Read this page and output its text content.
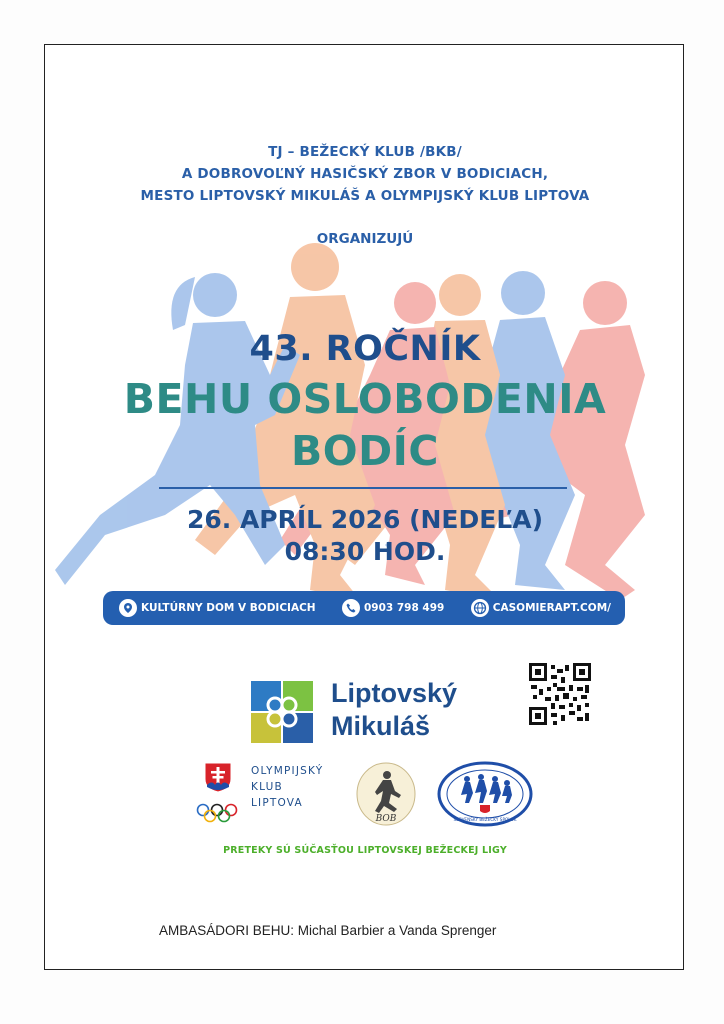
TJ – BEŽECKÝ KLUB /BKB/
A DOBROVOĽNÝ HASIČSKÝ ZBOR V BODICIACH,
MESTO LIPTOVSKÝ MIKULÁŠ A OLYMPIJSKÝ KLUB LIPTOVA
ORGANIZUJÚ
43. ROČNÍK
BEHU OSLOBODENIA
BODÍC
26. APRÍL 2026 (NEDEĽA)
08:30 HOD.
KULTÚRNY DOM V BODICIACH	0903 798 499	CASOMIERAPT.COM/
Liptovský
Mikuláš
OLYMPIJSKÝ
KLUB
LIPTOVA
BOB	SLOVENSKÝ BEŽECKÝ SPOLOK
PRETEKY SÚ SÚČASŤOU LIPTOVSKEJ BEŽECKEJ LIGY
AMBASÁDORI BEHU: Michal Barbier a Vanda Sprenger
